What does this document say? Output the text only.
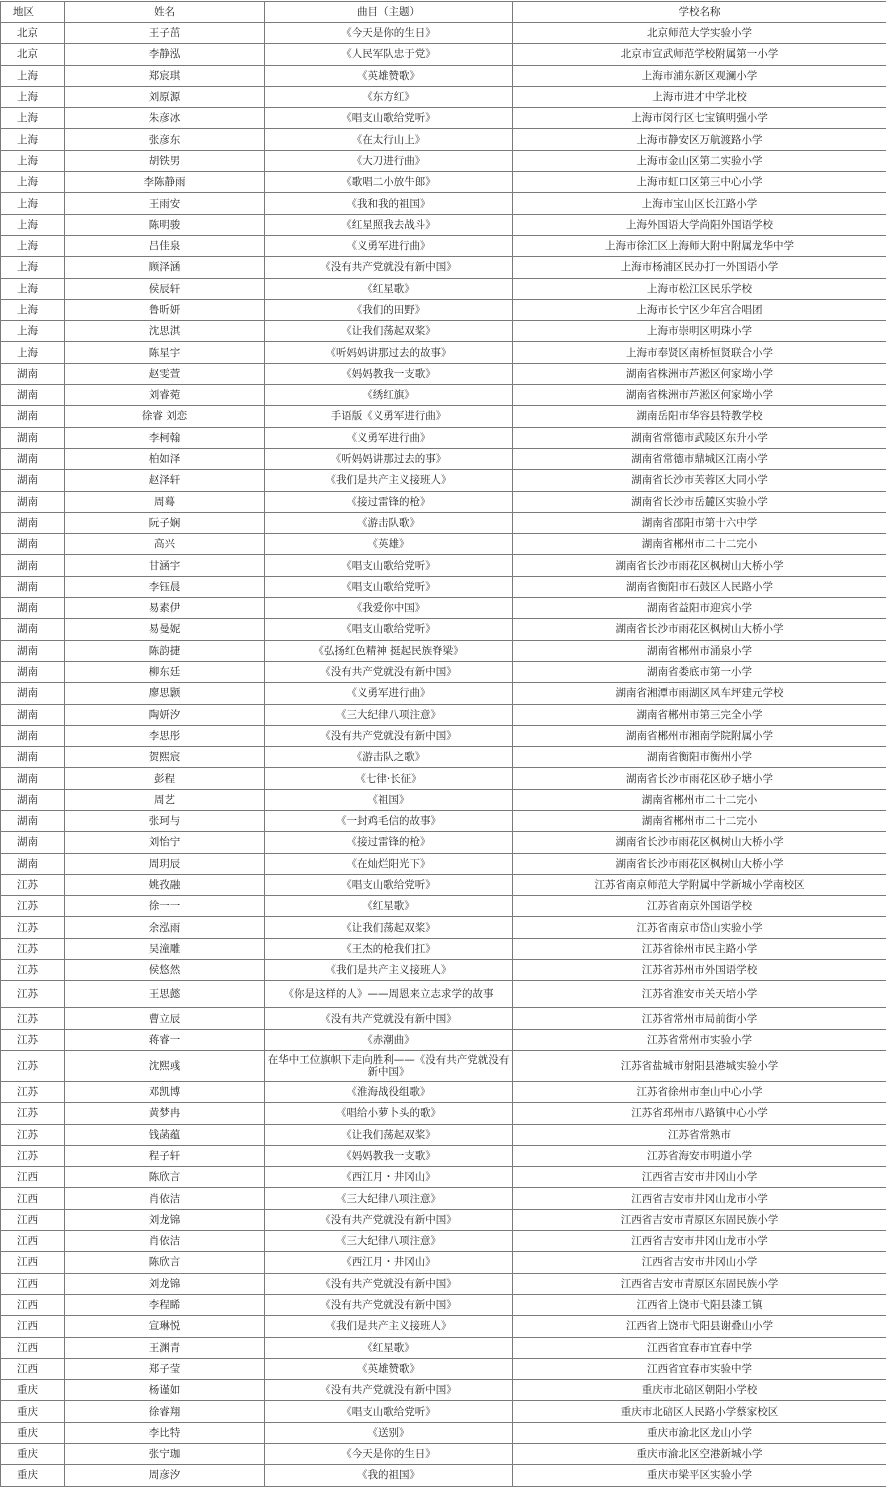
地区	姓名	曲目（主题）	学校名称
北京	王子茁	《今天是你的生日》	北京师范大学实验小学
北京	李静泓	《人民军队忠于党》	北京市宣武师范学校附属第一小学
上海	郑宸琪	《英雄赞歌》	上海市浦东新区观澜小学
上海	刘原源	《东方红》	上海市进才中学北校
上海	朱彦冰	《唱支山歌给党听》	上海市闵行区七宝镇明强小学
上海	张彦东	《在太行山上》	上海市静安区万航渡路小学
上海	胡铁男	《大刀进行曲》	上海市金山区第二实验小学
上海	李陈静雨	《歌唱二小放牛郎》	上海市虹口区第三中心小学
上海	王雨安	《我和我的祖国》	上海市宝山区长江路小学
上海	陈明骏	《红星照我去战斗》	上海外国语大学尚阳外国语学校
上海	吕佳泉	《义勇军进行曲》	上海市徐汇区上海师大附中附属龙华中学
上海	顾泽涵	《没有共产党就没有新中国》	上海市杨浦区民办打一外国语小学
上海	侯辰轩	《红星歌》	上海市松江区民乐学校
上海	鲁昕妍	《我们的田野》	上海市长宁区少年宫合唱团
上海	沈思淇	《让我们荡起双桨》	上海市崇明区明珠小学
上海	陈星宇	《听妈妈讲那过去的故事》	上海市奉贤区南桥恒贤联合小学
湖南	赵雯萱	《妈妈教我一支歌》	湖南省株洲市芦淞区何家坳小学
湖南	刘睿菀	《绣红旗》	湖南省株洲市芦淞区何家坳小学
湖南	徐睿 刘恋	手语版《义勇军进行曲》	湖南岳阳市华容县特教学校
湖南	李柯翰	《义勇军进行曲》	湖南省常德市武陵区东升小学
湖南	柏如泽	《听妈妈讲那过去的事》	湖南省常德市鼎城区江南小学
湖南	赵泽轩	《我们是共产主义接班人》	湖南省长沙市芙蓉区大同小学
湖南	周蓦	《接过雷锋的枪》	湖南省长沙市岳麓区实验小学
湖南	阮子娴	《游击队歌》	湖南省邵阳市第十六中学
湖南	高兴	《英雄》	湖南省郴州市二十二完小
湖南	甘涵宇	《唱支山歌给党听》	湖南省长沙市雨花区枫树山大桥小学
湖南	李钰晨	《唱支山歌给党听》	湖南省衡阳市石鼓区人民路小学
湖南	易素伊	《我爱你中国》	湖南省益阳市迎宾小学
湖南	易曼妮	《唱支山歌给党听》	湖南省长沙市雨花区枫树山大桥小学
湖南	陈韵捷	《弘扬红色精神 挺起民族脊梁》	湖南省郴州市涌泉小学
湖南	柳东廷	《没有共产党就没有新中国》	湖南省娄底市第一小学
湖南	廖思颢	《义勇军进行曲》	湖南省湘潭市雨湖区风车坪建元学校
湖南	陶妍汐	《三大纪律八项注意》	湖南省郴州市第三完全小学
湖南	李思彤	《没有共产党就没有新中国》	湖南省郴州市湘南学院附属小学
湖南	贺熙宸	《游击队之歌》	湖南省衡阳市衡州小学
湖南	彭程	《七律·长征》	湖南省长沙市雨花区砂子塘小学
湖南	周艺	《祖国》	湖南省郴州市二十二完小
湖南	张珂与	《一封鸡毛信的故事》	湖南省郴州市二十二完小
湖南	刘怡宁	《接过雷锋的枪》	湖南省长沙市雨花区枫树山大桥小学
湖南	周玥辰	《在灿烂阳光下》	湖南省长沙市雨花区枫树山大桥小学
江苏	姚孜融	《唱支山歌给党听》	江苏省南京师范大学附属中学新城小学南校区
江苏	徐一一	《红星歌》	江苏省南京外国语学校
江苏	余泓雨	《让我们荡起双桨》	江苏省南京市岱山实验小学
江苏	吴潼雕	《王杰的枪我们扛》	江苏省徐州市民主路小学
江苏	侯悠然	《我们是共产主义接班人》	江苏省苏州市外国语学校
江苏	王思懿	《你是这样的人》——周恩来立志求学的故事	江苏省淮安市关天培小学
江苏	曹立辰	《没有共产党就没有新中国》	江苏省常州市局前街小学
江苏	蒋睿一	《赤潮曲》	江苏省常州市实验小学
江苏	沈熙彧	在华中工位旗帜下走向胜利——《没有共产党就没有新中国》	江苏省盐城市射阳县港城实验小学
江苏	邓凯博	《淮海战役组歌》	江苏省徐州市奎山中心小学
江苏	黄梦冉	《唱给小萝卜头的歌》	江苏省邳州市八路镇中心小学
江苏	钱菡蕴	《让我们荡起双桨》	江苏省常熟市
江苏	程子轩	《妈妈教我一支歌》	江苏省海安市明道小学
江西	陈欣言	《西江月・井冈山》	江西省吉安市井冈山小学
江西	肖依洁	《三大纪律八项注意》	江西省吉安市井冈山龙市小学
江西	刘龙锦	《没有共产党就没有新中国》	江西省吉安市青原区东固民族小学
江西	肖依洁	《三大纪律八项注意》	江西省吉安市井冈山龙市小学
江西	陈欣言	《西江月・井冈山》	江西省吉安市井冈山小学
江西	刘龙锦	《没有共产党就没有新中国》	江西省吉安市青原区东固民族小学
江西	李程睎	《没有共产党就没有新中国》	江西省上饶市弋阳县漆工镇
江西	宣琳悦	《我们是共产主义接班人》	江西省上饶市弋阳县谢叠山小学
江西	王渊青	《红星歌》	江西省宜春市宜春中学
江西	郑子莹	《英雄赞歌》	江西省宜春市实验中学
重庆	杨谨如	《没有共产党就没有新中国》	重庆市北碚区朝阳小学校
重庆	徐睿翔	《唱支山歌给党听》	重庆市北碚区人民路小学蔡家校区
重庆	李比特	《送别》	重庆市渝北区龙山小学
重庆	张宁珈	《今天是你的生日》	重庆市渝北区空港新城小学
重庆	周彦汐	《我的祖国》	重庆市梁平区实验小学
